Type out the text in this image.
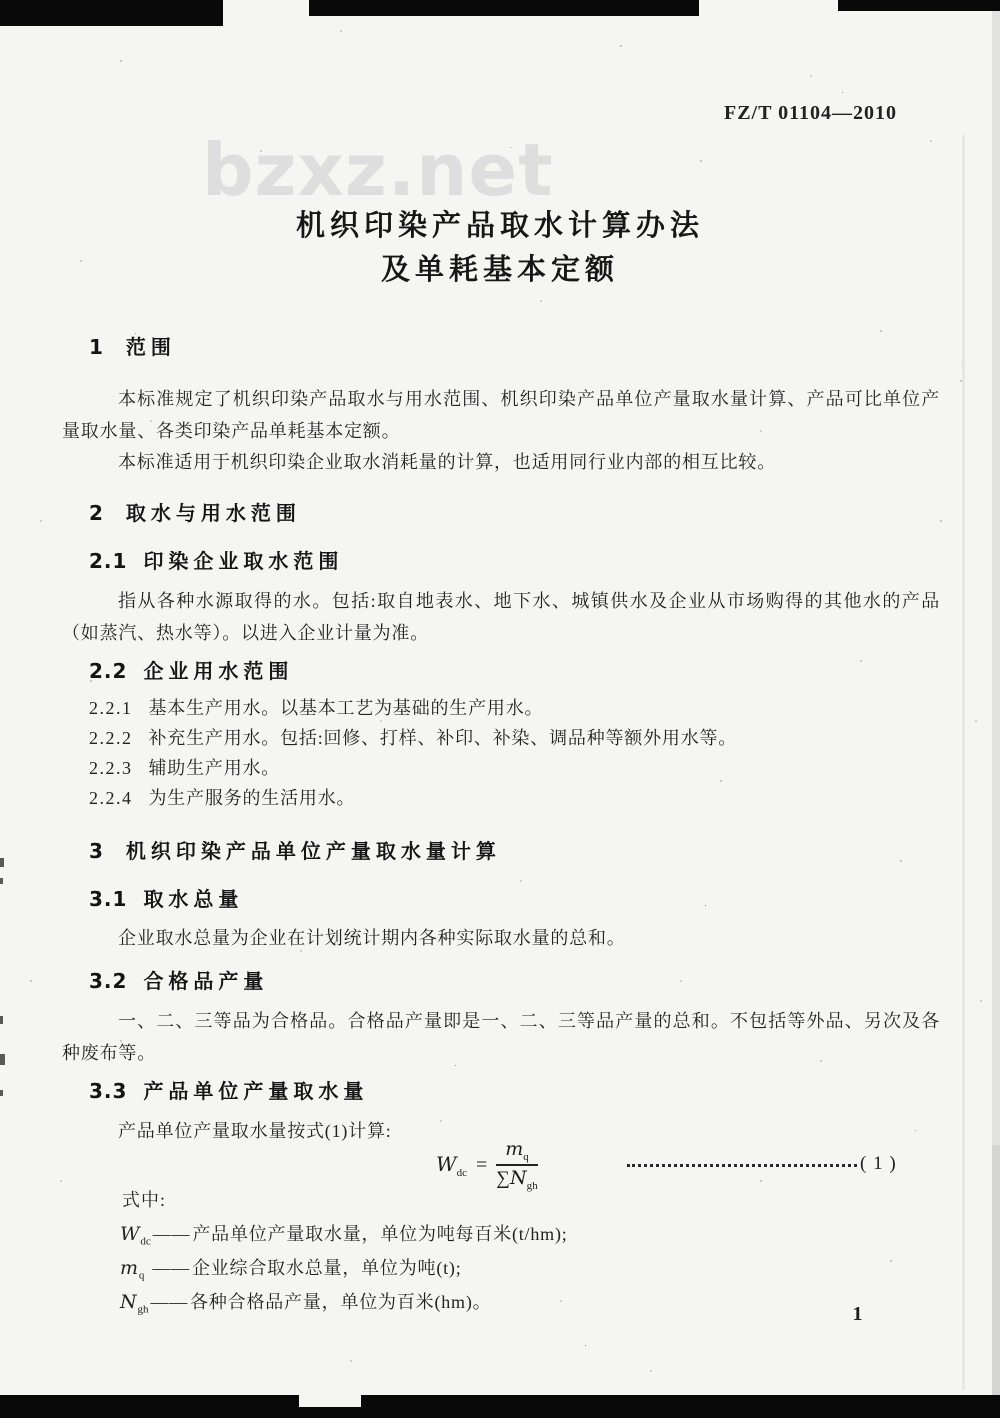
FZ/T 01104—2010
bzxz.net
机织印染产品取水计算办法
及单耗基本定额
1 范围
本标准规定了机织印染产品取水与用水范围、机织印染产品单位产量取水量计算、产品可比单位产量取水量、各类印染产品单耗基本定额。
本标准适用于机织印染企业取水消耗量的计算，也适用同行业内部的相互比较。
2 取水与用水范围
2.1 印染企业取水范围
指从各种水源取得的水。包括:取自地表水、地下水、城镇供水及企业从市场购得的其他水的产品（如蒸汽、热水等）。以进入企业计量为准。
2.2 企业用水范围
2.2.1 基本生产用水。以基本工艺为基础的生产用水。
2.2.2 补充生产用水。包括:回修、打样、补印、补染、调品种等额外用水等。
2.2.3 辅助生产用水。
2.2.4 为生产服务的生活用水。
3 机织印染产品单位产量取水量计算
3.1 取水总量
企业取水总量为企业在计划统计期内各种实际取水量的总和。
3.2 合格品产量
一、二、三等品为合格品。合格品产量即是一、二、三等品产量的总和。不包括等外品、另次及各种废布等。
3.3 产品单位产量取水量
产品单位产量取水量按式(1)计算:
$W_{dc} = \frac{m_q}{\sum N_{gh}}$	( 1 )
式中:
$W_{dc}$ —— 产品单位产量取水量，单位为吨每百米(t/hm);
$m_q$ —— 企业综合取水总量，单位为吨(t);
$N_{gh}$ —— 各种合格品产量，单位为百米(hm)。
1
